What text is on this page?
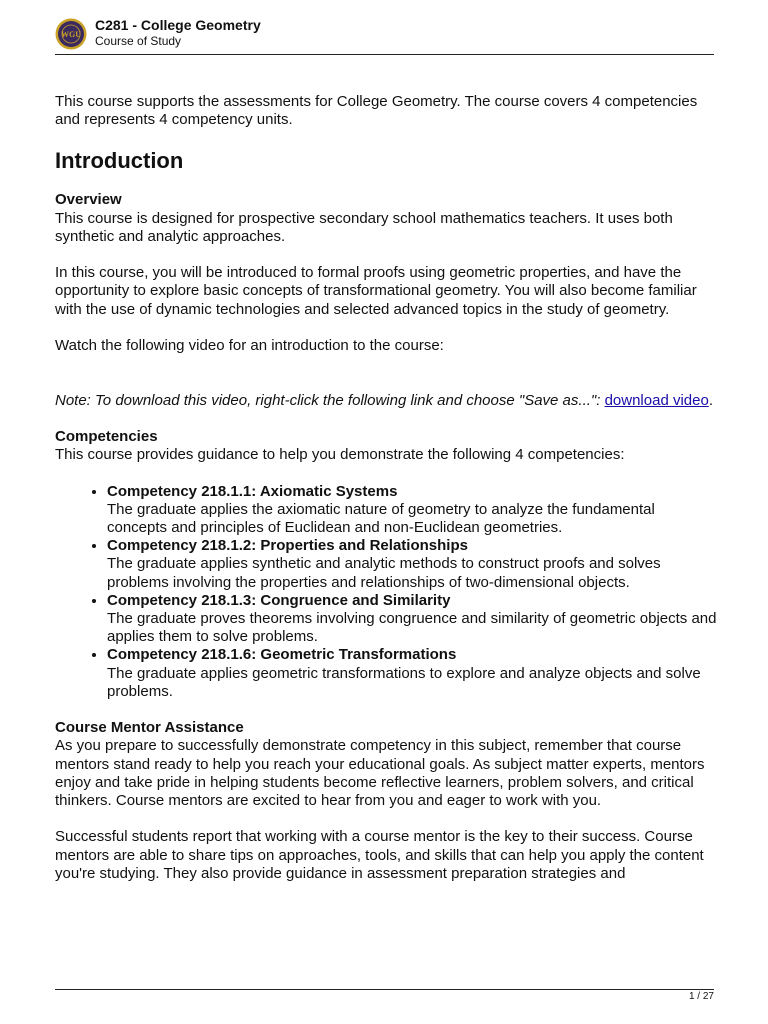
WGU
C281 - College Geometry
Course of Study

This course supports the assessments for College Geometry. The course covers 4 competencies and represents 4 competency units.

Introduction
Overview

This course is designed for prospective secondary school mathematics teachers. It uses both synthetic and analytic approaches.

In this course, you will be introduced to formal proofs using geometric properties, and have the opportunity to explore basic concepts of transformational geometry. You will also become familiar with the use of dynamic technologies and selected advanced topics in the study of geometry.

Watch the following video for an introduction to the course:

Note: To download this video, right-click the following link and choose "Save as...": download video.

Competencies

This course provides guidance to help you demonstrate the following 4 competencies:

• Competency 218.1.1: Axiomatic Systems
The graduate applies the axiomatic nature of geometry to analyze the fundamental concepts and principles of Euclidean and non-Euclidean geometries.
• Competency 218.1.2: Properties and Relationships
The graduate applies synthetic and analytic methods to construct proofs and solves problems involving the properties and relationships of two-dimensional objects.
• Competency 218.1.3: Congruence and Similarity
The graduate proves theorems involving congruence and similarity of geometric objects and applies them to solve problems.
• Competency 218.1.6: Geometric Transformations
The graduate applies geometric transformations to explore and analyze objects and solve problems.
Course Mentor Assistance

As you prepare to successfully demonstrate competency in this subject, remember that course mentors stand ready to help you reach your educational goals. As subject matter experts, mentors enjoy and take pride in helping students become reflective learners, problem solvers, and critical thinkers. Course mentors are excited to hear from you and eager to work with you.

Successful students report that working with a course mentor is the key to their success. Course mentors are able to share tips on approaches, tools, and skills that can help you apply the content you're studying. They also provide guidance in assessment preparation strategies and

1 / 27
